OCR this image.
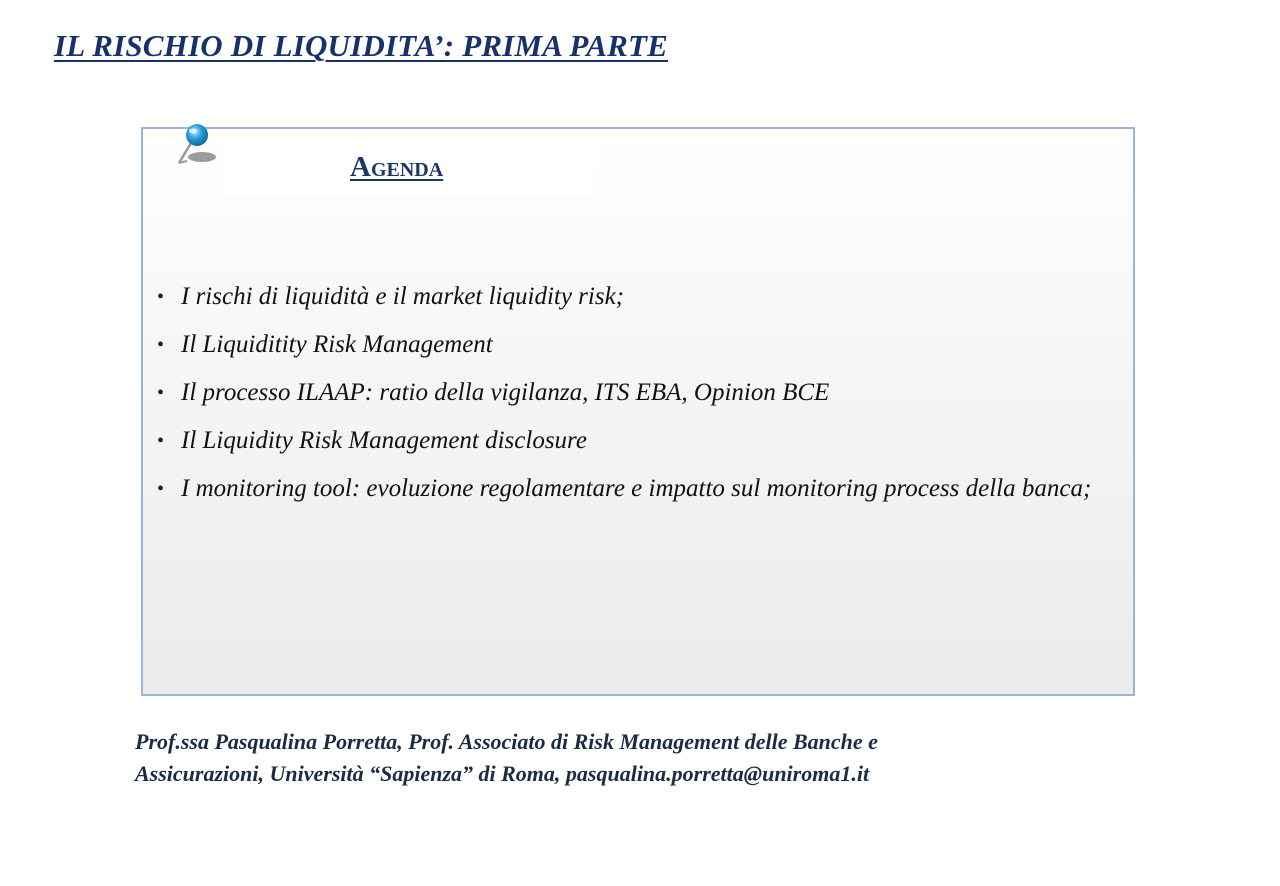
IL RISCHIO DI LIQUIDITA’: PRIMA PARTE
Agenda
• I rischi di liquidità e il market liquidity risk;
• Il Liquiditity Risk Management
• Il processo ILAAP: ratio della vigilanza, ITS EBA, Opinion BCE
• Il Liquidity Risk Management disclosure
• I monitoring tool: evoluzione regolamentare e impatto sul monitoring process della banca;
Prof.ssa Pasqualina Porretta, Prof. Associato di Risk Management delle Banche e
Assicurazioni, Università “Sapienza” di Roma, pasqualina.porretta@uniroma1.it
